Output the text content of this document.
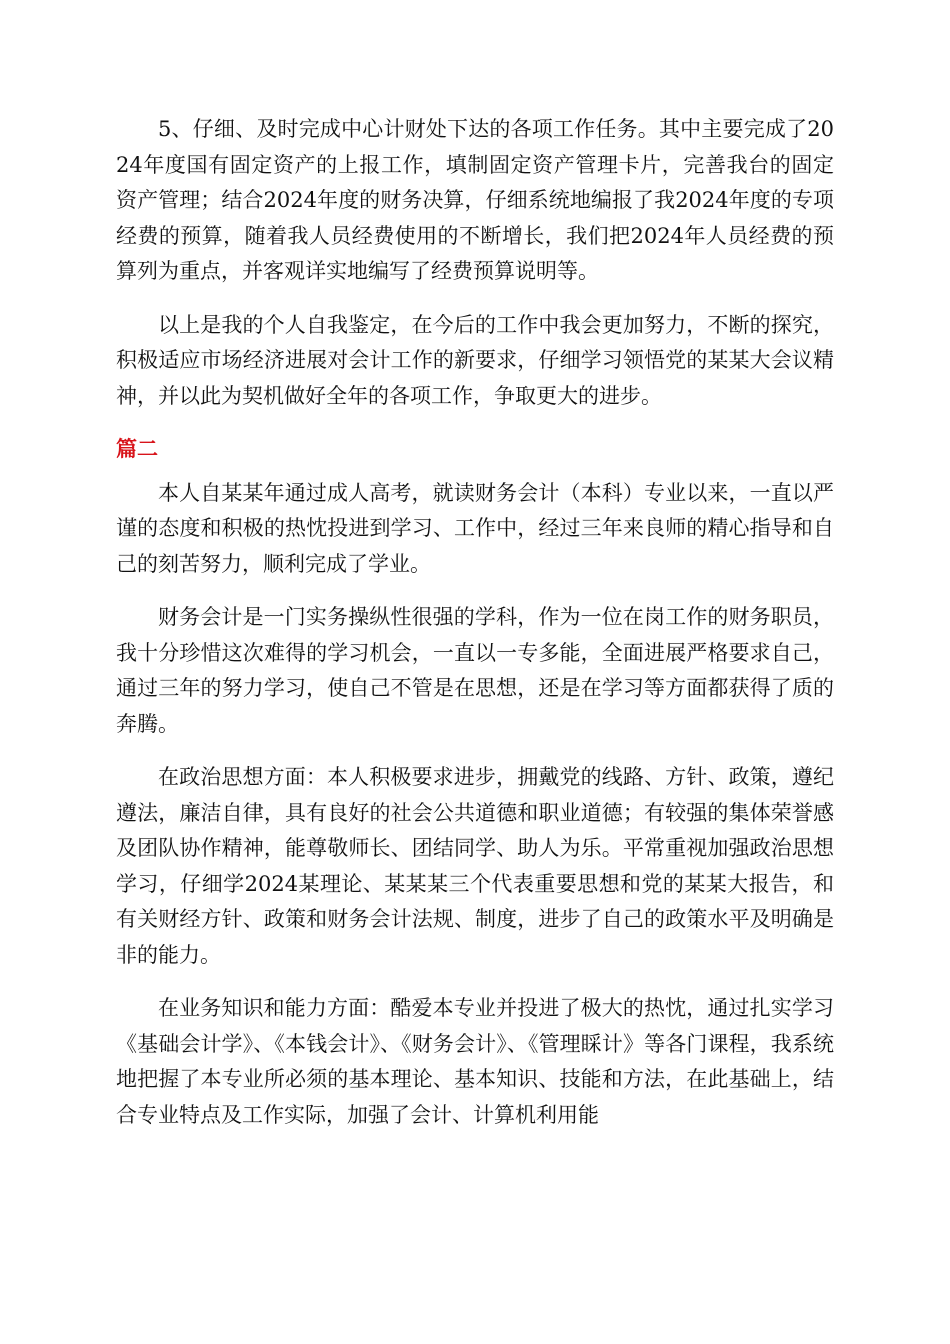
5、仔细、及时完成中心计财处下达的各项工作任务。其中主要完成了2024年度国有固定资产的上报工作，填制固定资产管理卡片，完善我台的固定资产管理；结合2024年度的财务决算，仔细系统地编报了我2024年度的专项经费的预算，随着我人员经费使用的不断增长，我们把2024年人员经费的预算列为重点，并客观详实地编写了经费预算说明等。

以上是我的个人自我鉴定，在今后的工作中我会更加努力，不断的探究，积极适应市场经济进展对会计工作的新要求，仔细学习领悟党的某某大会议精神，并以此为契机做好全年的各项工作，争取更大的进步。

篇二

本人自某某年通过成人高考，就读财务会计（本科）专业以来，一直以严谨的态度和积极的热忱投进到学习、工作中，经过三年来良师的精心指导和自己的刻苦努力，顺利完成了学业。

财务会计是一门实务操纵性很强的学科，作为一位在岗工作的财务职员，我十分珍惜这次难得的学习机会，一直以一专多能，全面进展严格要求自己，通过三年的努力学习，使自己不管是在思想，还是在学习等方面都获得了质的奔腾。

在政治思想方面：本人积极要求进步，拥戴党的线路、方针、政策，遵纪遵法，廉洁自律，具有良好的社会公共道德和职业道德；有较强的集体荣誉感及团队协作精神，能尊敬师长、团结同学、助人为乐。平常重视加强政治思想学习，仔细学2024某理论、某某某三个代表重要思想和党的某某大报告，和有关财经方针、政策和财务会计法规、制度，进步了自己的政策水平及明确是非的能力。

在业务知识和能力方面：酷爱本专业并投进了极大的热忱，通过扎实学习《基础会计学》、《本钱会计》、《财务会计》、《管理睬计》等各门课程，我系统地把握了本专业所必须的基本理论、基本知识、技能和方法，在此基础上，结合专业特点及工作实际，加强了会计、计算机利用能
